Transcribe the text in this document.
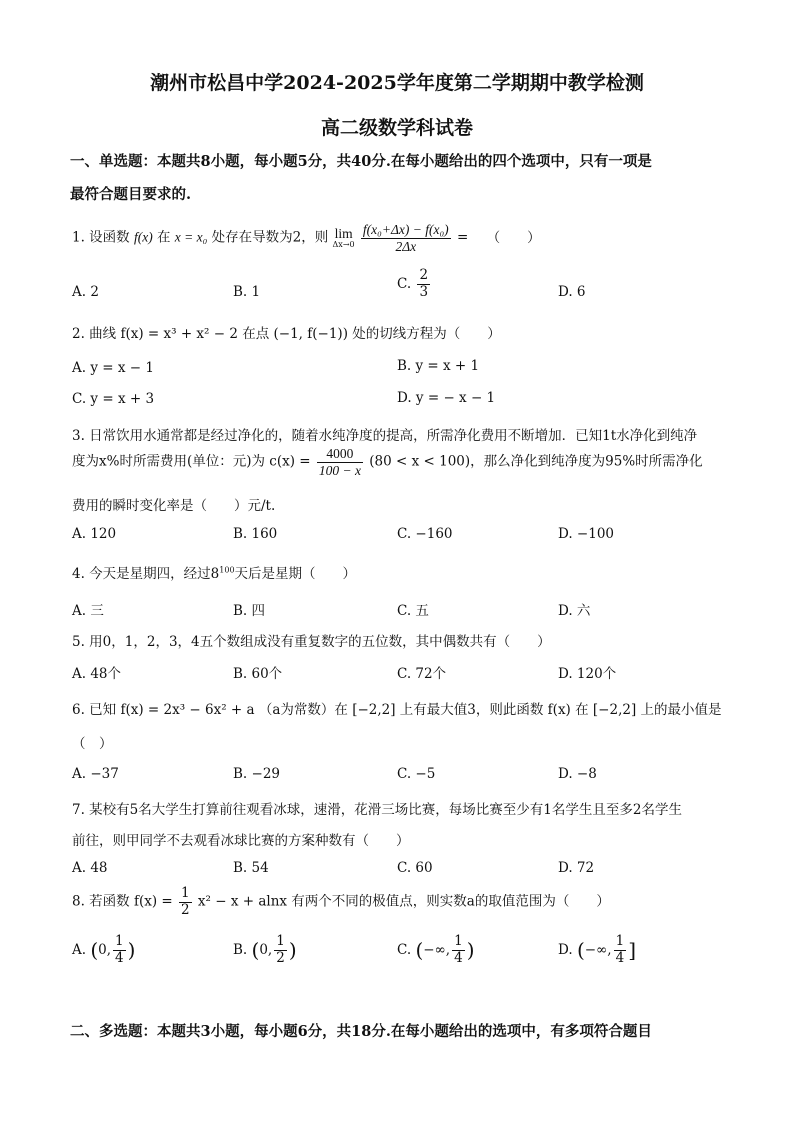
潮州市松昌中学2024-2025学年度第二学期期中教学检测
高二级数学科试卷
一、单选题：本题共8小题，每小题5分，共40分.在每小题给出的四个选项中，只有一项是
最符合题目要求的.
1. 设函数 f(x) 在 x = x₀ 处存在导数为2，则 lim
Δx→0
$\frac{\text{f(x₀+Δx) − f(x₀)}}{2\Delta x}$ = （　　）
A. 2	B. 1	C. $\frac{2}{3}$	D. 6
2. 曲线 f(x) = x³ + x² − 2 在点 (−1, f(−1)) 处的切线方程为（　　）
A. y = x − 1	B. y = x + 1
C. y = x + 3	D. y = − x − 1
3. 日常饮用水通常都是经过净化的，随着水纯净度的提高，所需净化费用不断增加．已知1t水净化到纯净
度为x%时所需费用(单位：元)为 $c(x) = \frac{4000}{100 - x} (80 < x < 100)$，那么净化到纯净度为95%时所需净化
费用的瞬时变化率是（　　）元/t.
A. 120	B. 160	C. −160	D. −100
4. 今天是星期四，经过$8^{100}$天后是星期（　　）
A. 三	B. 四	C. 五	D. 六
5. 用0，1，2，3，4五个数组成没有重复数字的五位数，其中偶数共有（　　）
A. 48个	B. 60个	C. 72个	D. 120个
6. 已知 f(x) = 2x³ − 6x² + a （a为常数）在 [−2,2] 上有最大值3，则此函数 f(x) 在 [−2,2] 上的最小值是
（　）
A. −37	B. −29	C. −5	D. −8
7. 某校有5名大学生打算前往观看冰球，速滑，花滑三场比赛，每场比赛至少有1名学生且至多2名学生
前往，则甲同学不去观看冰球比赛的方案种数有（　　）
A. 48	B. 54	C. 60	D. 72
8. 若函数 $f(x) = \frac{1}{2} x^2 - x + alnx$ 有两个不同的极值点，则实数a的取值范围为（　　）
A. (0, $\frac{1}{4}$ )	B. (0, $\frac{1}{2}$ )	C. (−∞, $\frac{1}{4}$ )	D. (−∞, $\frac{1}{4}$ ]
二、多选题：本题共3小题，每小题6分，共18分.在每小题给出的选项中，有多项符合题目
